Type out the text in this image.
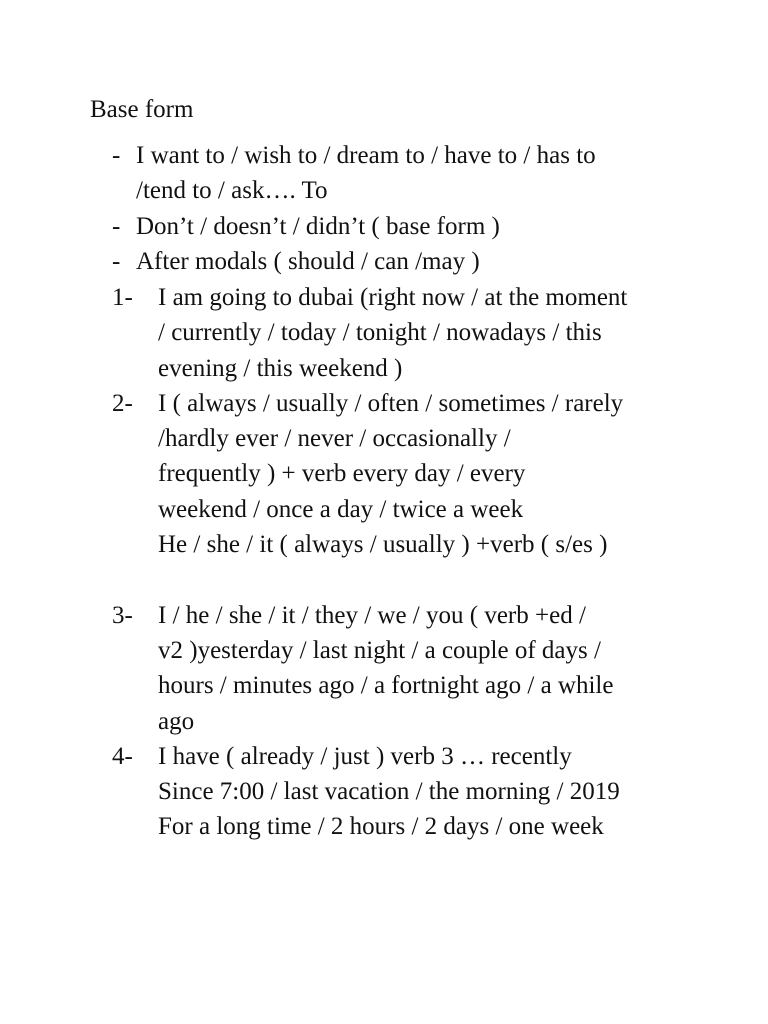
Base form
- I want to / wish to / dream to / have to / has to
/tend to / ask…. To
- Don’t / doesn’t / didn’t ( base form )
- After modals ( should / can /may )
1-	I am going to dubai (right now / at the moment
/ currently / today / tonight / nowadays / this
evening / this weekend )
2-	I ( always / usually / often / sometimes / rarely
/hardly ever / never / occasionally /
frequently ) + verb every day / every
weekend / once a day / twice a week
He / she / it ( always / usually ) +verb ( s/es )
3-	I / he / she / it / they / we / you ( verb +ed /
v2 )yesterday / last night / a couple of days /
hours / minutes ago / a fortnight ago / a while
ago
4-	I have ( already / just ) verb 3 … recently
Since 7:00 / last vacation / the morning / 2019
For a long time / 2 hours / 2 days / one week
